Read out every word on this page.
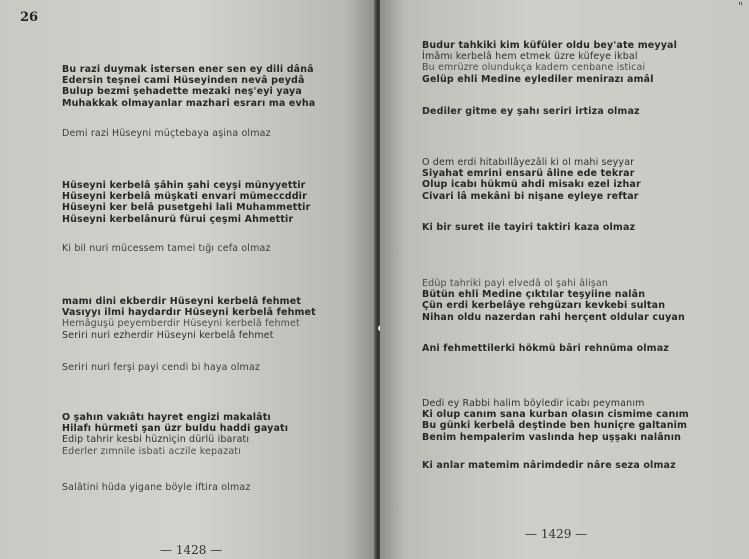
26
Bu razi duymak istersen ener sen ey dili dânâ
Edersin teşnei cami Hüseyinden nevâ peydâ
Bulup bezmi şehadette mezaki neş'eyi yaya
Muhakkak olmayanlar mazhari esrarı ma evha
Demi razi Hüseyni müçtebaya aşina olmaz
Hüseyni kerbelâ şâhin şahi ceyşi münyyettir
Hüseyni kerbelâ müşkati envari mümeccddir
Hüseyni ker belâ pusetgehi lali Muhammettir
Hüseyni kerbelânurü fürui çeşmi Ahmettir
Ki bil nuri mücessem tamei tığı cefa olmaz
mamı dini ekberdir Hüseyni kerbelâ fehmet
Vasıyyı ilmi haydardır Hüseyni kerbelâ fehmet
Hemâguşü peyemberdir Hüseyni kerbelâ fehmet
Seriri nuri ezherdir Hüseyni kerbelâ fehmet
Seriri nuri ferşi payi cendi bi haya olmaz
O şahın vakıâtı hayret engizi makalâtı
Hilafı hürmeti şan üzr buldu haddi gayatı
Edip tahrir kesbi hüzniçin dürlü ibaratı
Ederler zımnile isbati aczile kepazatı
Salâtini hüda yigane böyle iftira olmaz
— 1428 —
"
Budur tahkiki kim küfüler oldu bey'ate meyyal
İmâmı kerbelâ hem etmek üzre küfeye ikbal
Bu emrüzre olundukça kadem cenbane isticai
Gelüp ehli Medine eylediler menirazı amâl
Dediler gitme ey şahı seriri irtiza olmaz
O dem erdi hitabıllâyezâli ki ol mahi seyyar
Siyahat emrini ensarü âline ede tekrar
Olup icabı hükmü ahdi misakı ezel izhar
Civari lâ mekâni bi nişane eyleye reftar
Ki bir suret ile tayiri taktiri kaza olmaz
Edüp tahriki payi elvedâ ol şahi âlişan
Bütün ehli Medine çıktılar teşyiine nalân
Çün erdi kerbelâye rehgüzarı kevkebi sultan
Nihan oldu nazerdan rahi herçent oldular cuyan
Ani fehmettilerki hökmü bâri rehnüma olmaz
Dedi ey Rabbi halim böyledir icabı peymanım
Ki olup canım sana kurban olasın cismime canım
Bu günki kerbelâ deştinde ben huniçre galtanim
Benim hempalerim vaslında hep uşşakı nalânın
Ki anlar matemim nârimdedir nâre seza olmaz
— 1429 —
